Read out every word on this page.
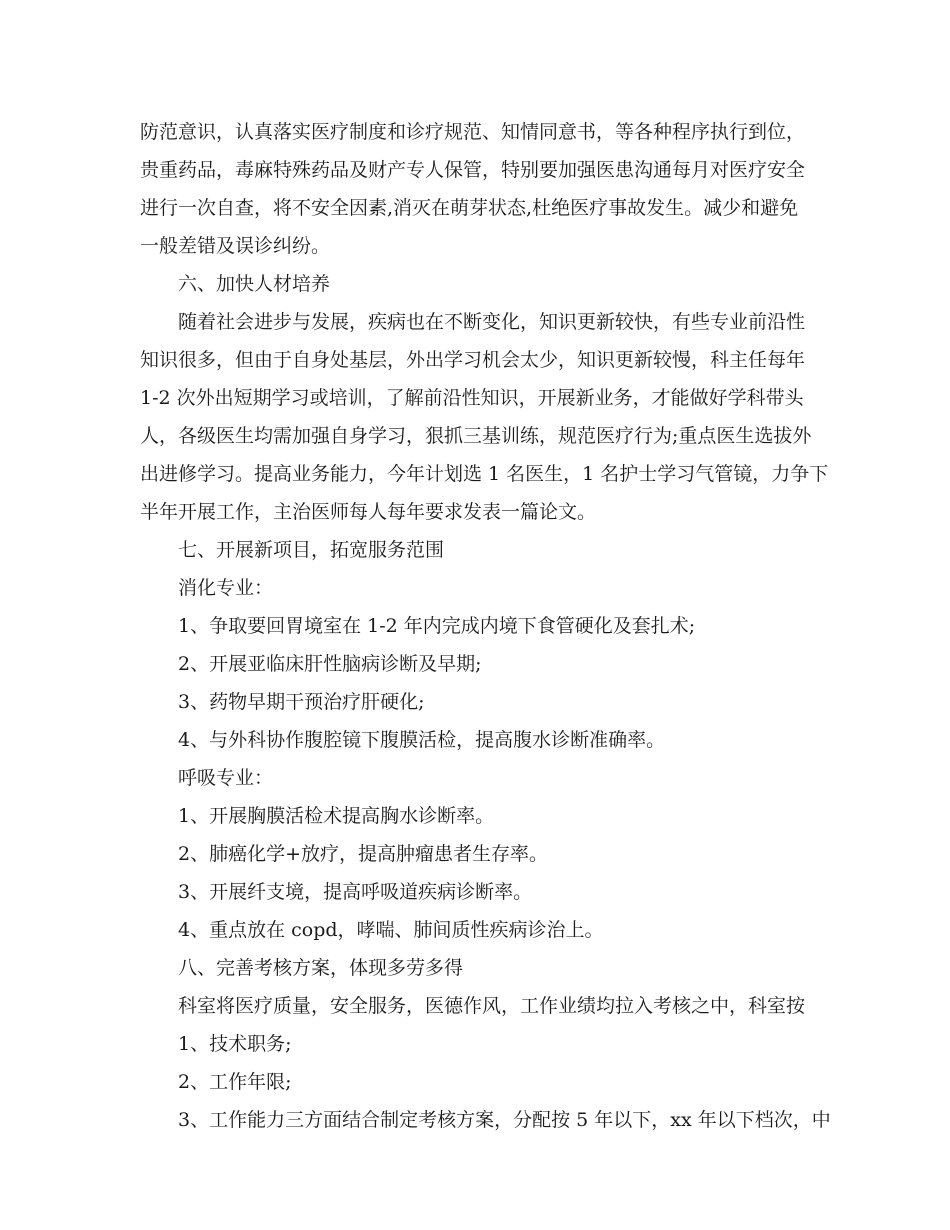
防范意识，认真落实医疗制度和诊疗规范、知情同意书，等各种程序执行到位，
贵重药品，毒麻特殊药品及财产专人保管，特别要加强医患沟通每月对医疗安全
进行一次自查，将不安全因素,消灭在萌芽状态,杜绝医疗事故发生。减少和避免
一般差错及误诊纠纷。
六、加快人材培养
随着社会进步与发展，疾病也在不断变化，知识更新较快，有些专业前沿性
知识很多，但由于自身处基层，外出学习机会太少，知识更新较慢，科主任每年
1-2 次外出短期学习或培训，了解前沿性知识，开展新业务，才能做好学科带头
人，各级医生均需加强自身学习，狠抓三基训练，规范医疗行为;重点医生选拔外
出进修学习。提高业务能力，今年计划选 1 名医生，1 名护士学习气管镜，力争下
半年开展工作，主治医师每人每年要求发表一篇论文。
七、开展新项目，拓宽服务范围
消化专业：
1、争取要回胃境室在 1-2 年内完成内境下食管硬化及套扎术;
2、开展亚临床肝性脑病诊断及早期;
3、药物早期干预治疗肝硬化;
4、与外科协作腹腔镜下腹膜活检，提高腹水诊断准确率。
呼吸专业：
1、开展胸膜活检术提高胸水诊断率。
2、肺癌化学+放疗，提高肿瘤患者生存率。
3、开展纤支境，提高呼吸道疾病诊断率。
4、重点放在 copd，哮喘、肺间质性疾病诊治上。
八、完善考核方案，体现多劳多得
科室将医疗质量，安全服务，医德作风，工作业绩均拉入考核之中，科室按
1、技术职务;
2、工作年限;
3、工作能力三方面结合制定考核方案，分配按 5 年以下，xx 年以下档次，中
